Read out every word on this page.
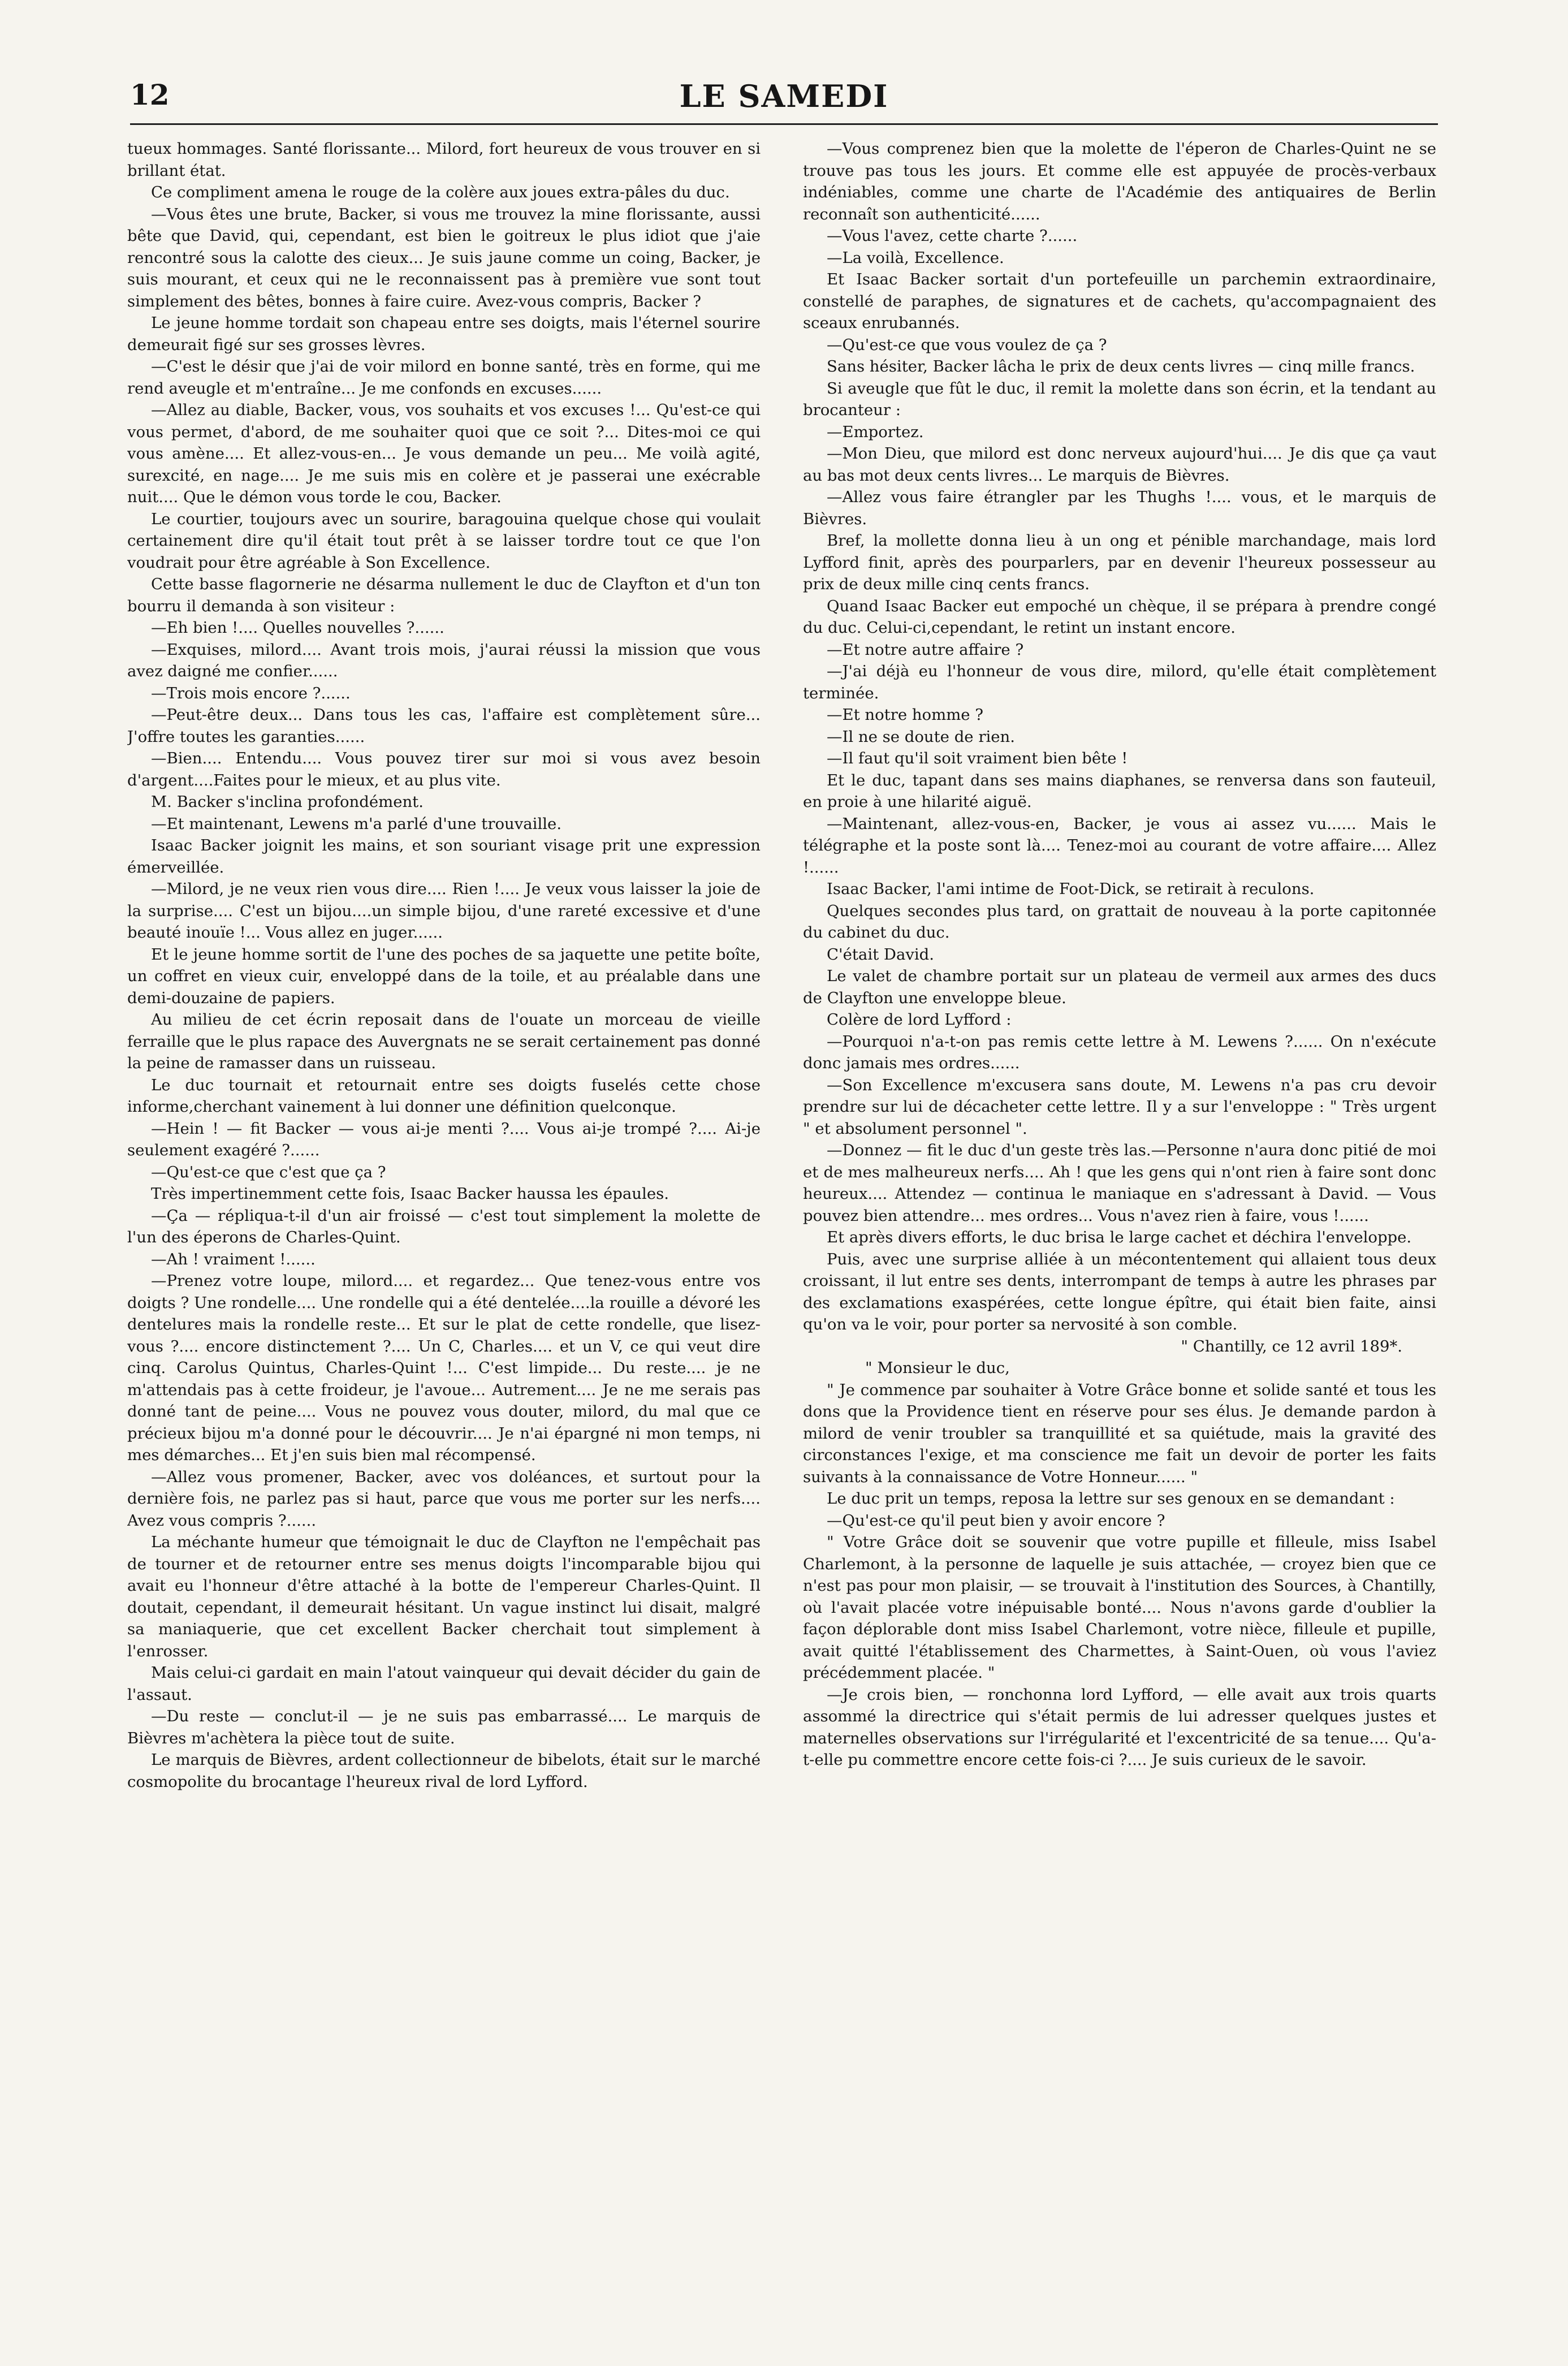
12	LE SAMEDI

tueux hommages. Santé florissante... Milord, fort heureux de vous trouver en si brillant état.

Ce compliment amena le rouge de la colère aux joues extra-pâles du duc.

—Vous êtes une brute, Backer, si vous me trouvez la mine florissante, aussi bête que David, qui, cependant, est bien le goitreux le plus idiot que j'aie rencontré sous la calotte des cieux... Je suis jaune comme un coing, Backer, je suis mourant, et ceux qui ne le reconnaissent pas à première vue sont tout simplement des bêtes, bonnes à faire cuire. Avez-vous compris, Backer ?

Le jeune homme tordait son chapeau entre ses doigts, mais l'éternel sourire demeurait figé sur ses grosses lèvres.

—C'est le désir que j'ai de voir milord en bonne santé, très en forme, qui me rend aveugle et m'entraîne... Je me confonds en excuses......

—Allez au diable, Backer, vous, vos souhaits et vos excuses !... Qu'est-ce qui vous permet, d'abord, de me souhaiter quoi que ce soit ?... Dites-moi ce qui vous amène.... Et allez-vous-en... Je vous demande un peu... Me voilà agité, surexcité, en nage.... Je me suis mis en colère et je passerai une exécrable nuit.... Que le démon vous torde le cou, Backer.

Le courtier, toujours avec un sourire, baragouina quelque chose qui voulait certainement dire qu'il était tout prêt à se laisser tordre tout ce que l'on voudrait pour être agréable à Son Excellence.

Cette basse flagornerie ne désarma nullement le duc de Clayfton et d'un ton bourru il demanda à son visiteur :

—Eh bien !.... Quelles nouvelles ?......

—Exquises, milord.... Avant trois mois, j'aurai réussi la mission que vous avez daigné me confier......

—Trois mois encore ?......

—Peut-être deux... Dans tous les cas, l'affaire est complètement sûre... J'offre toutes les garanties......

—Bien.... Entendu.... Vous pouvez tirer sur moi si vous avez besoin d'argent....Faites pour le mieux, et au plus vite.

M. Backer s'inclina profondément.

—Et maintenant, Lewens m'a parlé d'une trouvaille.

Isaac Backer joignit les mains, et son souriant visage prit une expression émerveillée.

—Milord, je ne veux rien vous dire.... Rien !.... Je veux vous laisser la joie de la surprise.... C'est un bijou....un simple bijou, d'une rareté excessive et d'une beauté inouïe !... Vous allez en juger......

Et le jeune homme sortit de l'une des poches de sa jaquette une petite boîte, un coffret en vieux cuir, enveloppé dans de la toile, et au préalable dans une demi-douzaine de papiers.

Au milieu de cet écrin reposait dans de l'ouate un morceau de vieille ferraille que le plus rapace des Auvergnats ne se serait certainement pas donné la peine de ramasser dans un ruisseau.

Le duc tournait et retournait entre ses doigts fuselés cette chose informe,cherchant vainement à lui donner une définition quelconque.

—Hein ! — fit Backer — vous ai-je menti ?.... Vous ai-je trompé ?.... Ai-je seulement exagéré ?......

—Qu'est-ce que c'est que ça ?

Très impertinemment cette fois, Isaac Backer haussa les épaules.

—Ça — répliqua-t-il d'un air froissé — c'est tout simplement la molette de l'un des éperons de Charles-Quint.

—Ah ! vraiment !......

—Prenez votre loupe, milord.... et regardez... Que tenez-vous entre vos doigts ? Une rondelle.... Une rondelle qui a été dentelée....la rouille a dévoré les dentelures mais la rondelle reste... Et sur le plat de cette rondelle, que lisez-vous ?.... encore distinctement ?.... Un C, Charles.... et un V, ce qui veut dire cinq. Carolus Quintus, Charles-Quint !... C'est limpide... Du reste.... je ne m'attendais pas à cette froideur, je l'avoue... Autrement.... Je ne me serais pas donné tant de peine.... Vous ne pouvez vous douter, milord, du mal que ce précieux bijou m'a donné pour le découvrir.... Je n'ai épargné ni mon temps, ni mes démarches... Et j'en suis bien mal récompensé.

—Allez vous promener, Backer, avec vos doléances, et surtout pour la dernière fois, ne parlez pas si haut, parce que vous me porter sur les nerfs.... Avez vous compris ?......

La méchante humeur que témoignait le duc de Clayfton ne l'empêchait pas de tourner et de retourner entre ses menus doigts l'incomparable bijou qui avait eu l'honneur d'être attaché à la botte de l'empereur Charles-Quint. Il doutait, cependant, il demeurait hésitant. Un vague instinct lui disait, malgré sa maniaquerie, que cet excellent Backer cherchait tout simplement à l'enrosser.

Mais celui-ci gardait en main l'atout vainqueur qui devait décider du gain de l'assaut.

—Du reste — conclut-il — je ne suis pas embarrassé.... Le marquis de Bièvres m'achètera la pièce tout de suite.

Le marquis de Bièvres, ardent collectionneur de bibelots, était sur le marché cosmopolite du brocantage l'heureux rival de lord Lyfford.

—Vous comprenez bien que la molette de l'éperon de Charles-Quint ne se trouve pas tous les jours. Et comme elle est appuyée de procès-verbaux indéniables, comme une charte de l'Académie des antiquaires de Berlin reconnaît son authenticité......

—Vous l'avez, cette charte ?......

—La voilà, Excellence.

Et Isaac Backer sortait d'un portefeuille un parchemin extraordinaire, constellé de paraphes, de signatures et de cachets, qu'accompagnaient des sceaux enrubannés.

—Qu'est-ce que vous voulez de ça ?

Sans hésiter, Backer lâcha le prix de deux cents livres — cinq mille francs.

Si aveugle que fût le duc, il remit la molette dans son écrin, et la tendant au brocanteur :

—Emportez.

—Mon Dieu, que milord est donc nerveux aujourd'hui.... Je dis que ça vaut au bas mot deux cents livres... Le marquis de Bièvres.

—Allez vous faire étrangler par les Thughs !.... vous, et le marquis de Bièvres.

Bref, la mollette donna lieu à un ong et pénible marchandage, mais lord Lyfford finit, après des pourparlers, par en devenir l'heureux possesseur au prix de deux mille cinq cents francs.

Quand Isaac Backer eut empoché un chèque, il se prépara à prendre congé du duc. Celui-ci,cependant, le retint un instant encore.

—Et notre autre affaire ?

—J'ai déjà eu l'honneur de vous dire, milord, qu'elle était complètement terminée.

—Et notre homme ?

—Il ne se doute de rien.

—Il faut qu'il soit vraiment bien bête !

Et le duc, tapant dans ses mains diaphanes, se renversa dans son fauteuil, en proie à une hilarité aiguë.

—Maintenant, allez-vous-en, Backer, je vous ai assez vu...... Mais le télégraphe et la poste sont là.... Tenez-moi au courant de votre affaire.... Allez !......

Isaac Backer, l'ami intime de Foot-Dick, se retirait à reculons.

Quelques secondes plus tard, on grattait de nouveau à la porte capitonnée du cabinet du duc.

C'était David.

Le valet de chambre portait sur un plateau de vermeil aux armes des ducs de Clayfton une enveloppe bleue.

Colère de lord Lyfford :

—Pourquoi n'a-t-on pas remis cette lettre à M. Lewens ?...... On n'exécute donc jamais mes ordres......

—Son Excellence m'excusera sans doute, M. Lewens n'a pas cru devoir prendre sur lui de décacheter cette lettre. Il y a sur l'enveloppe : " Très urgent " et absolument personnel ".

—Donnez — fit le duc d'un geste très las.—Personne n'aura donc pitié de moi et de mes malheureux nerfs.... Ah ! que les gens qui n'ont rien à faire sont donc heureux.... Attendez — continua le maniaque en s'adressant à David. — Vous pouvez bien attendre... mes ordres... Vous n'avez rien à faire, vous !......

Et après divers efforts, le duc brisa le large cachet et déchira l'enveloppe.

Puis, avec une surprise alliée à un mécontentement qui allaient tous deux croissant, il lut entre ses dents, interrompant de temps à autre les phrases par des exclamations exaspérées, cette longue épître, qui était bien faite, ainsi qu'on va le voir, pour porter sa nervosité à son comble.

" Chantilly, ce 12 avril 189*.

" Monsieur le duc,

" Je commence par souhaiter à Votre Grâce bonne et solide santé et tous les dons que la Providence tient en réserve pour ses élus. Je demande pardon à milord de venir troubler sa tranquillité et sa quiétude, mais la gravité des circonstances l'exige, et ma conscience me fait un devoir de porter les faits suivants à la connaissance de Votre Honneur...... "

Le duc prit un temps, reposa la lettre sur ses genoux en se demandant :

—Qu'est-ce qu'il peut bien y avoir encore ?

" Votre Grâce doit se souvenir que votre pupille et filleule, miss Isabel Charlemont, à la personne de laquelle je suis attachée, — croyez bien que ce n'est pas pour mon plaisir, — se trouvait à l'institution des Sources, à Chantilly, où l'avait placée votre inépuisable bonté.... Nous n'avons garde d'oublier la façon déplorable dont miss Isabel Charlemont, votre nièce, filleule et pupille, avait quitté l'établissement des Charmettes, à Saint-Ouen, où vous l'aviez précédemment placée. "

—Je crois bien, — ronchonna lord Lyfford, — elle avait aux trois quarts assommé la directrice qui s'était permis de lui adresser quelques justes et maternelles observations sur l'irrégularité et l'excentricité de sa tenue.... Qu'a-t-elle pu commettre encore cette fois-ci ?.... Je suis curieux de le savoir.
